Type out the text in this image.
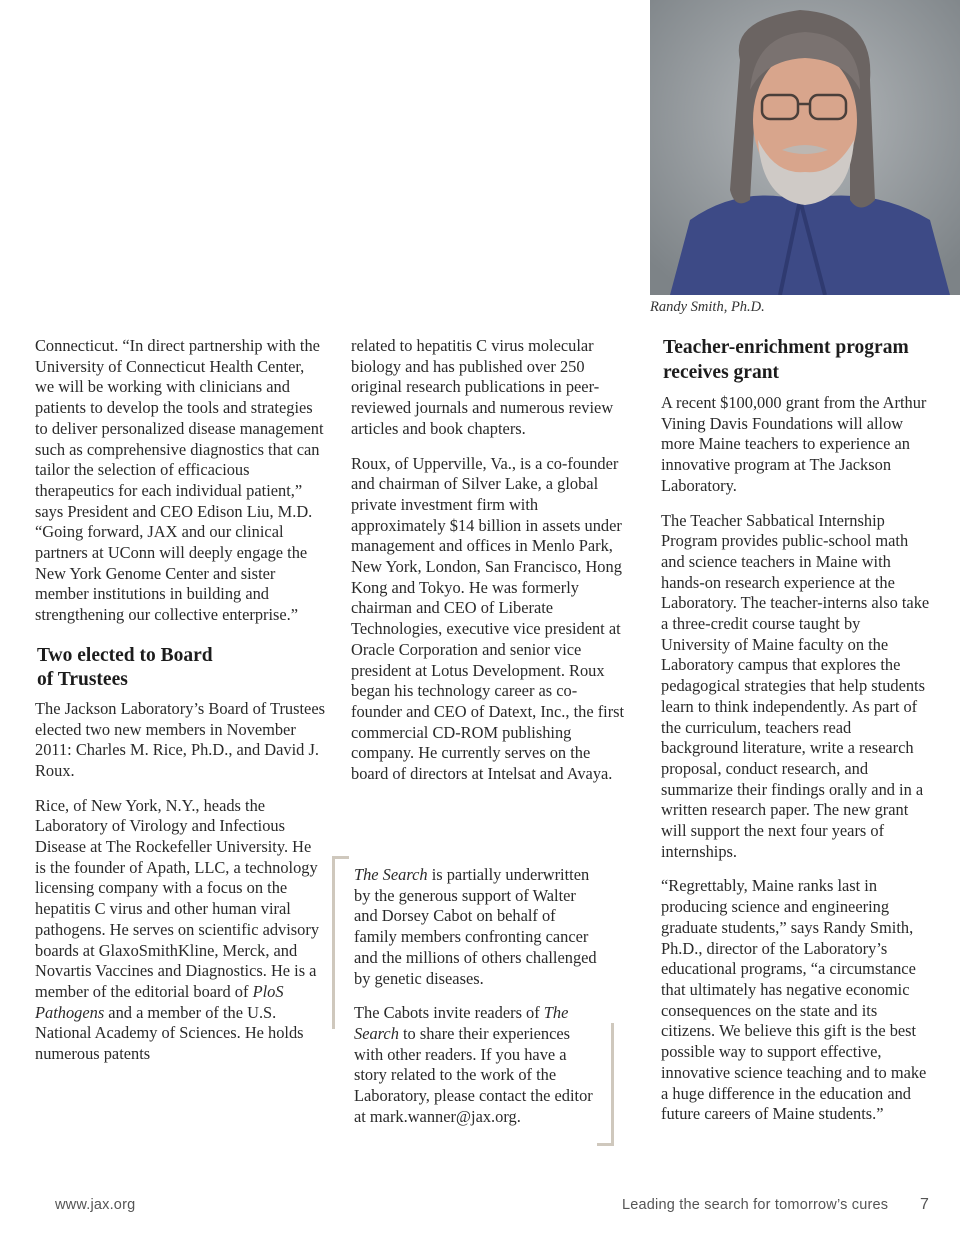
Randy Smith, Ph.D.

Connecticut. “In direct partnership with the University of Connecticut Health Center, we will be working with clinicians and patients to develop the tools and strategies to deliver personalized disease management such as comprehensive diagnostics that can tailor the selection of efficacious therapeutics for each individual patient,” says President and CEO Edison Liu, M.D. “Going forward, JAX and our clinical partners at UConn will deeply engage the New York Genome Center and sister member institutions in building and strengthening our collective enterprise.”

Two elected to Board
of Trustees

The Jackson Laboratory’s Board of Trustees elected two new members in November 2011: Charles M. Rice, Ph.D., and David J. Roux.

Rice, of New York, N.Y., heads the Laboratory of Virology and Infectious Disease at The Rockefeller University. He is the founder of Apath, LLC, a technology licensing company with a focus on the hepatitis C virus and other human viral pathogens. He serves on scientific advisory boards at GlaxoSmithKline, Merck, and Novartis Vaccines and Diagnostics. He is a member of the editorial board of PloS Pathogens and a member of the U.S. National Academy of Sciences. He holds numerous patents

related to hepatitis C virus molecular biology and has published over 250 original research publications in peer-reviewed journals and numerous review articles and book chapters.

Roux, of Upperville, Va., is a co-founder and chairman of Silver Lake, a global private investment firm with approximately $14 billion in assets under management and offices in Menlo Park, New York, London, San Francisco, Hong Kong and Tokyo. He was formerly chairman and CEO of Liberate Technologies, executive vice president at Oracle Corporation and senior vice president at Lotus Development. Roux began his technology career as co-founder and CEO of Datext, Inc., the first commercial CD-ROM publishing company. He currently serves on the board of directors at Intelsat and Avaya.

The Search is partially underwritten by the generous support of Walter and Dorsey Cabot on behalf of family members confronting cancer and the millions of others challenged by genetic diseases.

The Cabots invite readers of The Search to share their experiences with other readers. If you have a story related to the work of the Laboratory, please contact the editor at mark.wanner@jax.org.

Teacher-enrichment program
receives grant

A recent $100,000 grant from the Arthur Vining Davis Foundations will allow more Maine teachers to experience an innovative program at The Jackson Laboratory.

The Teacher Sabbatical Internship Program provides public-school math and science teachers in Maine with hands-on research experience at the Laboratory. The teacher-interns also take a three-credit course taught by University of Maine faculty on the Laboratory campus that explores the pedagogical strategies that help students learn to think independently. As part of the curriculum, teachers read background literature, write a research proposal, conduct research, and summarize their findings orally and in a written research paper. The new grant will support the next four years of internships.

“Regrettably, Maine ranks last in producing science and engineering graduate students,” says Randy Smith, Ph.D., director of the Laboratory’s educational programs, “a circumstance that ultimately has negative economic consequences on the state and its citizens. We believe this gift is the best possible way to support effective, innovative science teaching and to make a huge difference in the education and future careers of Maine students.”

www.jax.org	Leading the search for tomorrow’s cures 7
